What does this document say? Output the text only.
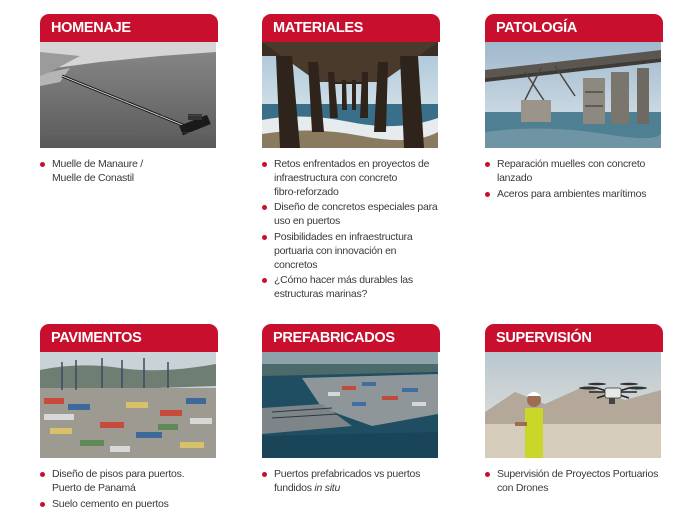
HOMENAJE
Muelle de Manaure /
Muelle de Conastil
MATERIALES
Retos enfrentados en proyectos de
infraestructura con concreto
fibro-reforzado
Diseño de concretos especiales para
uso en puertos
Posibilidades en infraestructura
portuaria con innovación en
concretos
¿Cómo hacer más durables las
estructuras marinas?
PATOLOGÍA
Reparación muelles con concreto
lanzado
Aceros para ambientes marítimos
PAVIMENTOS
Diseño de pisos para puertos.
Puerto de Panamá
Suelo cemento en puertos
PREFABRICADOS
Puertos prefabricados vs puertos
fundidos in situ
SUPERVISIÓN
Supervisión de Proyectos Portuarios
con Drones
